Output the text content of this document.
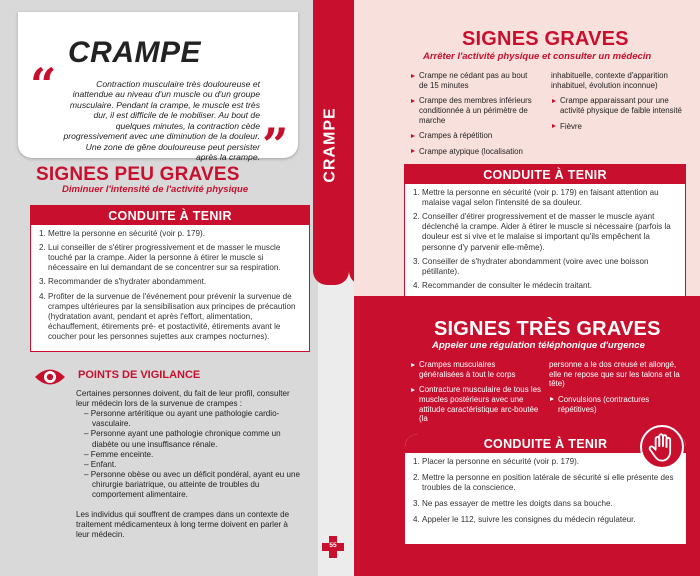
CRAMPE
“	Contraction musculaire très douloureuse et inattendue au niveau d'un muscle ou d'un groupe musculaire. Pendant la crampe, le muscle est très dur, il est difficile de le mobiliser. Au bout de quelques minutes, la contraction cède progressivement avec une diminution de la douleur. Une zone de gêne douloureuse peut persister après la crampe. ”
SIGNES PEU GRAVES
Diminuer l'intensité de l'activité physique
CONDUITE À TENIR
1. Mettre la personne en sécurité (voir p. 179).
2. Lui conseiller de s'étirer progressivement et de masser le muscle touché par la crampe. Aider la personne à étirer le muscle si nécessaire en lui demandant de se concentrer sur sa respiration.
3. Recommander de s'hydrater abondamment.
4. Profiter de la survenue de l'événement pour prévenir la survenue de crampes ultérieures par la sensibilisation aux principes de précaution (hydratation avant, pendant et après l'effort, alimentation, échauffement, étirements pré- et postactivité, étirements avant le coucher pour les personnes sujettes aux crampes nocturnes).
POINTS DE VIGILANCE
Certaines personnes doivent, du fait de leur profil, consulter leur médecin lors de la survenue de crampes :
– Personne artéritique ou ayant une pathologie cardio-vasculaire.
– Personne ayant une pathologie chronique comme un diabète ou une insuffisance rénale.
– Femme enceinte.
– Enfant.
– Personne obèse ou avec un déficit pondéral, ayant eu une chirurgie bariatrique, ou atteinte de troubles du comportement alimentaire.
Les individus qui souffrent de crampes dans un contexte de traitement médicamenteux à long terme doivent en parler à leur médecin.
CRAMPE
55
SIGNES GRAVES
Arrêter l'activité physique et consulter un médecin
Crampe ne cédant pas au bout de 15 minutes
Crampe des membres inférieurs conditionnée à un périmètre de marche
Crampes à répétition
Crampe atypique (localisation
inhabituelle, contexte d'apparition inhabituel, évolution inconnue)
Crampe apparaissant pour une activité physique de faible intensité
Fièvre
CONDUITE À TENIR
1. Mettre la personne en sécurité (voir p. 179) en faisant attention au malaise vagal selon l'intensité de sa douleur.
2. Conseiller d'étirer progressivement et de masser le muscle ayant déclenché la crampe. Aider à étirer le muscle si nécessaire (parfois la douleur est si vive et le malaise si important qu'ils empêchent la personne d'y parvenir elle-même).
3. Conseiller de s'hydrater abondamment (voire avec une boisson pétillante).
4. Recommander de consulter le médecin traitant.
SIGNES TRÈS GRAVES
Appeler une régulation téléphonique d'urgence
Crampes musculaires généralisées à tout le corps
Contracture musculaire de tous les muscles postérieurs avec une attitude caractéristique arc-boutée (la
personne a le dos creusé et allongé, elle ne repose que sur les talons et la tête)
Convulsions (contractures répétitives)
CONDUITE À TENIR
1. Placer la personne en sécurité (voir p. 179).
2. Mettre la personne en position latérale de sécurité si elle présente des troubles de la conscience.
3. Ne pas essayer de mettre les doigts dans sa bouche.
4. Appeler le 112, suivre les consignes du médecin régulateur.
